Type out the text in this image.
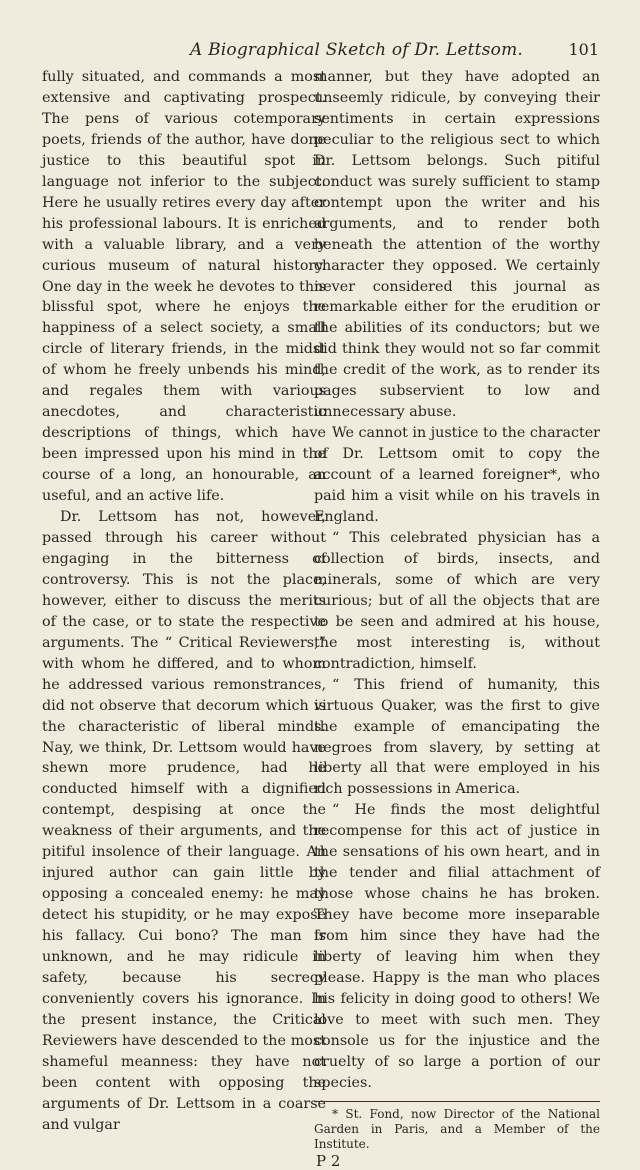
A Biographical Sketch of Dr. Lettsom.	101

fully situated, and commands a most extensive and captivating prospect. The pens of various cotemporary poets, friends of the author, have done justice to this beautiful spot in language not inferior to the subject. Here he usually retires every day after his professional labours. It is enriched with a valuable library, and a very curious museum of natural history. One day in the week he devotes to this blissful spot, where he enjoys the happiness of a select society, a small circle of literary friends, in the midst of whom he freely unbends his mind, and regales them with various anecdotes, and characteristic descriptions of things, which have been impressed upon his mind in the course of a long, an honourable, an useful, and an active life.

Dr. Lettsom has not, however, passed through his career without engaging in the bitterness of controversy. This is not the place, however, either to discuss the merits of the case, or to state the respective arguments. The “ Critical Reviewers,” with whom he differed, and to whom he addressed various remonstrances, did not observe that decorum which is the characteristic of liberal minds. Nay, we think, Dr. Lettsom would have shewn more prudence, had he conducted himself with a dignified contempt, despising at once the weakness of their arguments, and the pitiful insolence of their language. An injured author can gain little by opposing a concealed enemy: he may detect his stupidity, or he may expose his fallacy. Cui bono? The man is unknown, and he may ridicule in safety, because his secrecy conveniently covers his ignorance. In the present instance, the Critical Reviewers have descended to the most shameful meanness: they have not been content with opposing the arguments of Dr. Lettsom in a coarse and vulgar

manner, but they have adopted an unseemly ridicule, by conveying their sentiments in certain expressions peculiar to the religious sect to which Dr. Lettsom belongs. Such pitiful conduct was surely sufficient to stamp contempt upon the writer and his arguments, and to render both beneath the attention of the worthy character they opposed. We certainly never considered this journal as remarkable either for the erudition or the abilities of its conductors; but we did think they would not so far commit the credit of the work, as to render its pages subservient to low and unnecessary abuse.

We cannot in justice to the character of Dr. Lettsom omit to copy the account of a learned foreigner*, who paid him a visit while on his travels in England.

“ This celebrated physician has a collection of birds, insects, and minerals, some of which are very curious; but of all the objects that are to be seen and admired at his house, the most interesting is, without contradiction, himself.

“ This friend of humanity, this virtuous Quaker, was the first to give the example of emancipating the negroes from slavery, by setting at liberty all that were employed in his rich possessions in America.

“ He finds the most delightful recompense for this act of justice in the sensations of his own heart, and in the tender and filial attachment of those whose chains he has broken. They have become more inseparable from him since they have had the liberty of leaving him when they please. Happy is the man who places his felicity in doing good to others! We love to meet with such men. They console us for the injustice and the cruelty of so large a portion of our species.

* St. Fond, now Director of the National Garden in Paris, and a Member of the Institute.

P 2
